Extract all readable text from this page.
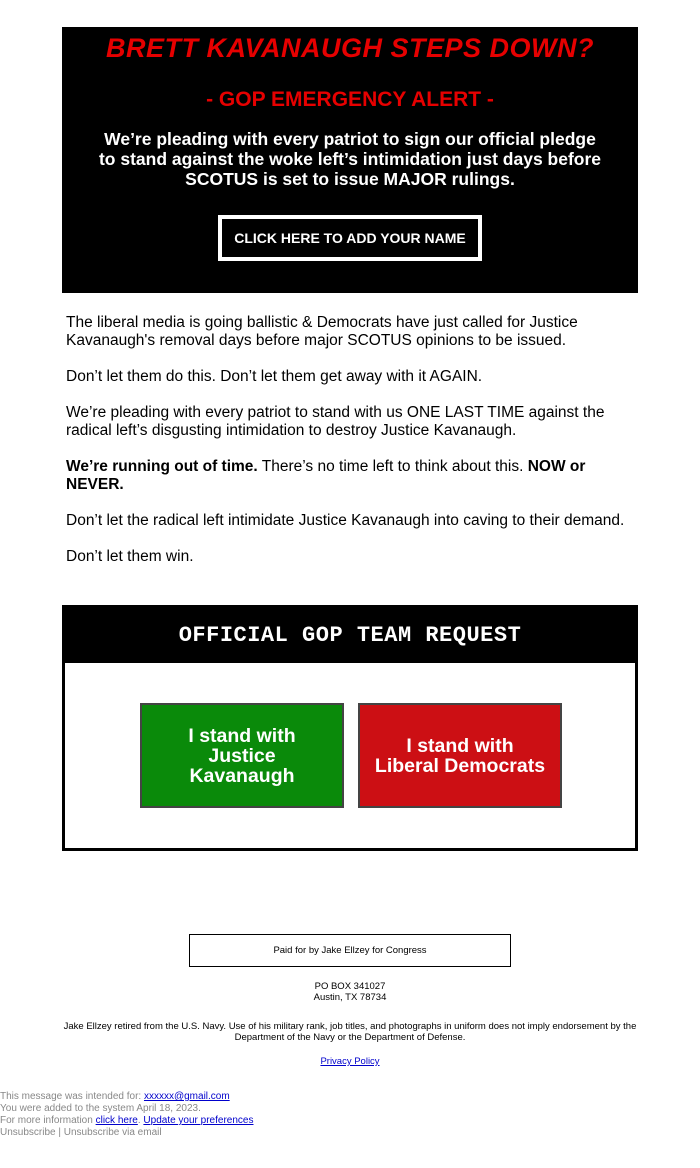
BRETT KAVANAUGH STEPS DOWN?
- GOP EMERGENCY ALERT -

We’re pleading with every patriot to sign our official pledge to stand against the woke left’s intimidation just days before SCOTUS is set to issue MAJOR rulings.

CLICK HERE TO ADD YOUR NAME

The liberal media is going ballistic & Democrats have just called for Justice Kavanaugh's removal days before major SCOTUS opinions to be issued.

Don’t let them do this. Don’t let them get away with it AGAIN.

We’re pleading with every patriot to stand with us ONE LAST TIME against the radical left’s disgusting intimidation to destroy Justice Kavanaugh.

We’re running out of time. There’s no time left to think about this. NOW or NEVER.

Don’t let the radical left intimidate Justice Kavanaugh into caving to their demand.

Don’t let them win.

OFFICIAL GOP TEAM REQUEST
I stand with Justice Kavanaugh
I stand with Liberal Democrats
Paid for by Jake Ellzey for Congress
PO BOX 341027
Austin, TX 78734
Jake Ellzey retired from the U.S. Navy. Use of his military rank, job titles, and photographs in uniform does not imply endorsement by the Department of the Navy or the Department of Defense.
Privacy Policy
This message was intended for: xxxxxx@gmail.com
You were added to the system April 18, 2023.
For more information click here. Update your preferences
Unsubscribe | Unsubscribe via email
